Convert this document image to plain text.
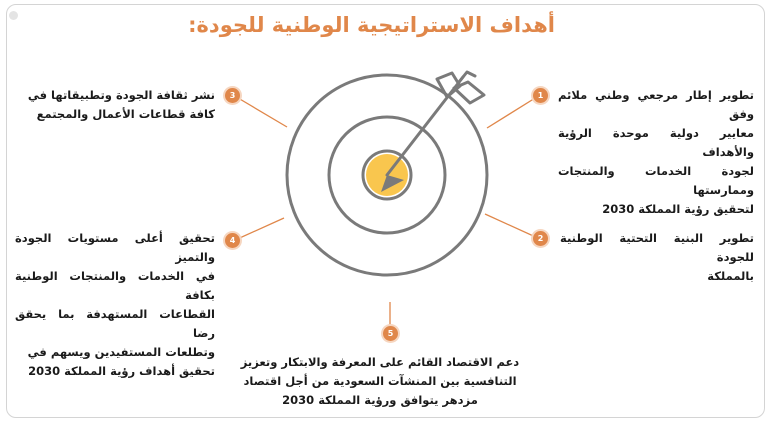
أهداف الاستراتيجية الوطنية للجودة:
1
2
3
4
5

تطوير إطار مرجعي وطني ملائم وفق

معايير دولية موحدة الرؤية والأهداف

لجودة الخدمات والمنتجات وممارستها

لتحقيق رؤية المملكة 2030

تطوير البنية التحتية الوطنية للجودة

بالمملكة

نشر ثقافة الجودة وتطبيقاتها في

كافة قطاعات الأعمال والمجتمع

تحقيق أعلى مستويات الجودة والتميز

في الخدمات والمنتجات الوطنية بكافة

القطاعات المستهدفة بما يحقق رضا

وتطلعات المستفيدين ويسهم في

تحقيق أهداف رؤية المملكة 2030

دعم الاقتصاد القائم على المعرفة والابتكار وتعزيز

التنافسية بين المنشآت السعودية من أجل اقتصاد

مزدهر يتوافق ورؤية المملكة 2030
